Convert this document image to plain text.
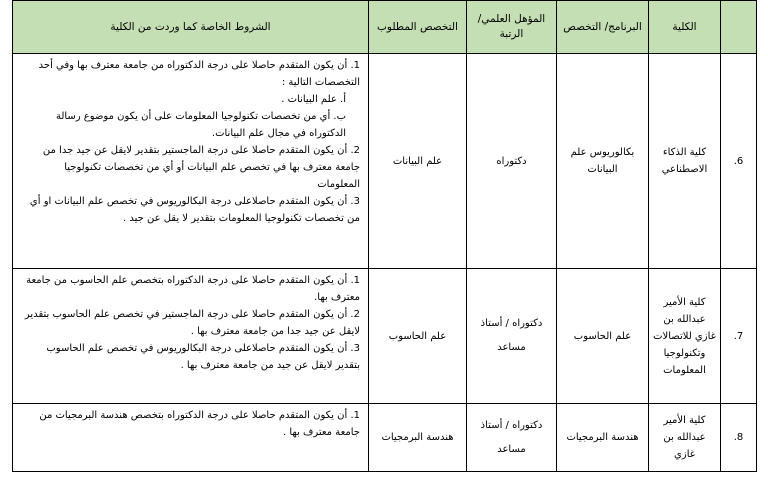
	الكلية	البرنامج/ التخصص	المؤهل العلمي/الرتبة	التخصص المطلوب	الشروط الخاصة كما وردت من الكلية
6.	كلية الذكاء الاصطناعي	بكالوريوس علم البيانات	دكتوراه	علم البيانات	1. أن يكون المتقدم حاصلا على درجة الدكتوراه من جامعة معترف بها وفي أحد التخصصات التالية :
أ. علم البيانات .
ب. أي من تخصصات تكنولوجيا المعلومات على أن يكون موضوع رسالة الدكتوراه في مجال علم البيانات.
2. أن يكون المتقدم حاصلا على درجة الماجستير بتقدير لايقل عن جيد جدا من جامعة معترف بها في تخصص علم البيانات أو أي من تخصصات تكنولوجيا المعلومات
3. أن يكون المتقدم حاصلاعلى درجة البكالوريوس في تخصص علم البيانات او أي من تخصصات تكنولوجيا المعلومات بتقدير لا يقل عن جيد .

7.	كلية الأمير عبدالله بن غازي للاتصالات وتكنولوجيا المعلومات	علم الحاسوب	دكتوراه / أستاذ مساعد	علم الحاسوب	1. أن يكون المتقدم حاصلا على درجة الدكتوراه بتخصص علم الحاسوب من جامعة معترف بها.
2. أن يكون المتقدم حاصلا على درجة الماجستير في تخصص علم الحاسوب بتقدير لايقل عن جيد جدا من جامعة معترف بها .
3. أن يكون المتقدم حاصلاعلى درجة البكالوريوس في تخصص علم الحاسوب بتقدير لايقل عن جيد من جامعة معترف بها .

8.	كلية الأمير عبدالله بن غازي	هندسة البرمجيات	دكتوراه / أستاذ مساعد	هندسة البرمجيات	1. أن يكون المتقدم حاصلا على درجة الدكتوراه بتخصص هندسة البرمجيات من جامعة معترف بها .
